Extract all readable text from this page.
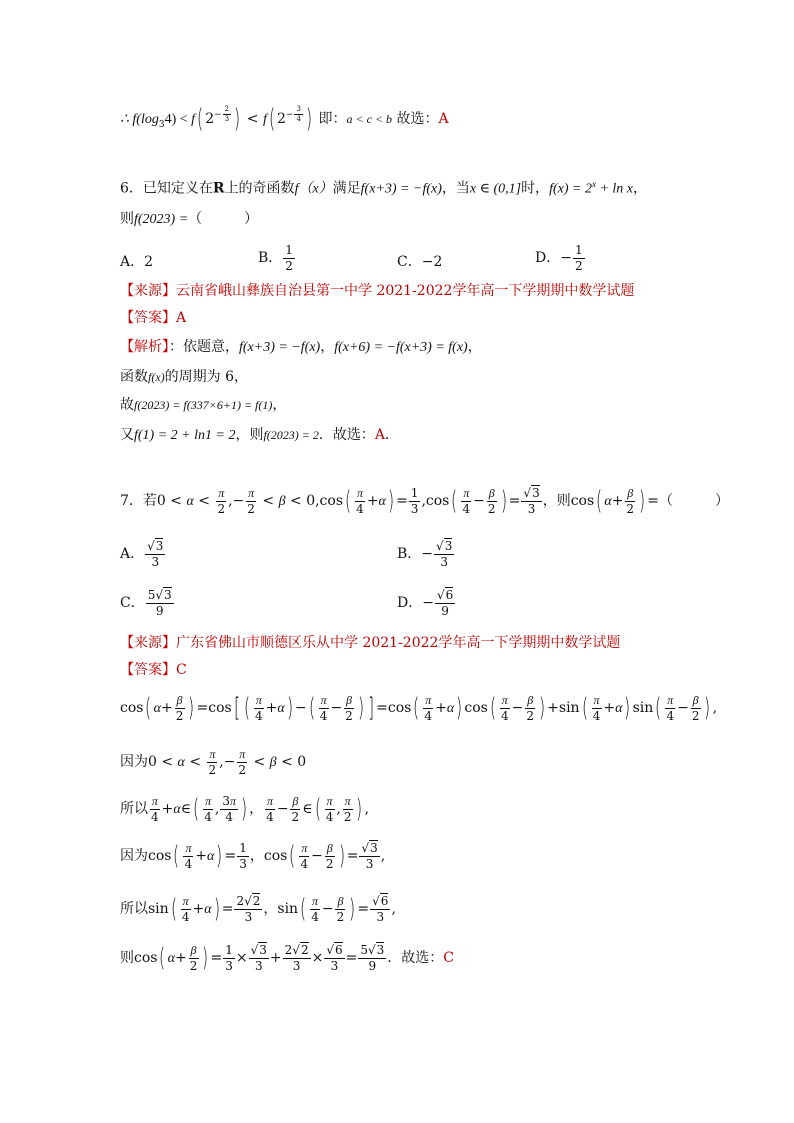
∴ $f(\log_34) < f$( $2^{- \frac{2}{3}}$ ) < f( $2^{- \frac{3}{4}}$ ) 即：a < c < b 故选：A
6．已知定义在R上的奇函数f（x）满足f(x+3) = −f(x)，当x ∈ (0,1]时，$f(x) = 2^x + \ln x$，
则f(2023) =（　　　）
A．2	B． $\frac{1}{2}$	C．−2	D．− $\frac{1}{2}$
【来源】云南省峨山彝族自治县第一中学 2021-2022学年高一下学期期中数学试题
【答案】A
【解析】：依题意，f(x+3) = −f(x)，f(x+6) = −f(x+3) = f(x)，
函数f(x)的周期为 6，
故f(2023) = f(337×6+1) = f(1)，
又f(1) = 2 + ln1 = 2，则f(2023) = 2．故选：A．
7．若$0 < \alpha < \frac{\pi}{2}$ ,− $\frac{\pi}{2} < \beta < 0,\cos( \frac{\pi}{4} +\alpha) = \frac{1}{3} ,\cos( \frac{\pi}{4} - \frac{\beta}{2}$ ) = $\frac{√3}{3}$ ，则cos( $\alpha+ \frac{\beta}{2}$ ) =（　　　）
A． $\frac{√3}{3}$	B．− $\frac{√3}{3}$
C． $\frac{5√3}{9}$	D．− $\frac{√6}{9}$
【来源】广东省佛山市顺德区乐从中学 2021-2022学年高一下学期期中数学试题
【答案】C
cos( $\alpha+ \frac{\beta}{2}$ ) =cos[ ( $\frac{\pi}{4} +\alpha$) −( $\frac{\pi}{4} - \frac{\beta}{2}$ ) ] $=\cos( \frac{\pi}{4} +\alpha)$ $\cos( \frac{\pi}{4} - \frac{\beta}{2}$ ) $+\sin( \frac{\pi}{4} +\alpha)$ $\sin( \frac{\pi}{4} - \frac{\beta}{2}$ ) ,
因为$0 < \alpha < \frac{\pi}{2}$ ,− $\frac{\pi}{2} < \beta < 0$
所以 $\frac{\pi}{4}$ +α∈( $\frac{\pi}{4}$ , $\frac{3\pi}{4}$ ) ， $\frac{\pi}{4} - \frac{\beta}{2}$ ∈( $\frac{\pi}{4}$ , $\frac{\pi}{2}$ ) ,
因为$\cos( \frac{\pi}{4} +\alpha) = \frac{1}{3}$ ，$\cos( \frac{\pi}{4} - \frac{\beta}{2}$ ) = $\frac{√3}{3}$ ,
所以$\sin( \frac{\pi}{4} +\alpha) = \frac{2√2}{3}$ ，$\sin( \frac{\pi}{4} - \frac{\beta}{2}$ ) = $\frac{√6}{3}$ ,
则cos( $\alpha+ \frac{\beta}{2}$ ) = $\frac{1}{3} \times \frac{√3}{3} + \frac{2√2}{3} \times \frac{√6}{3} = \frac{5√3}{9}$ ．故选：C
